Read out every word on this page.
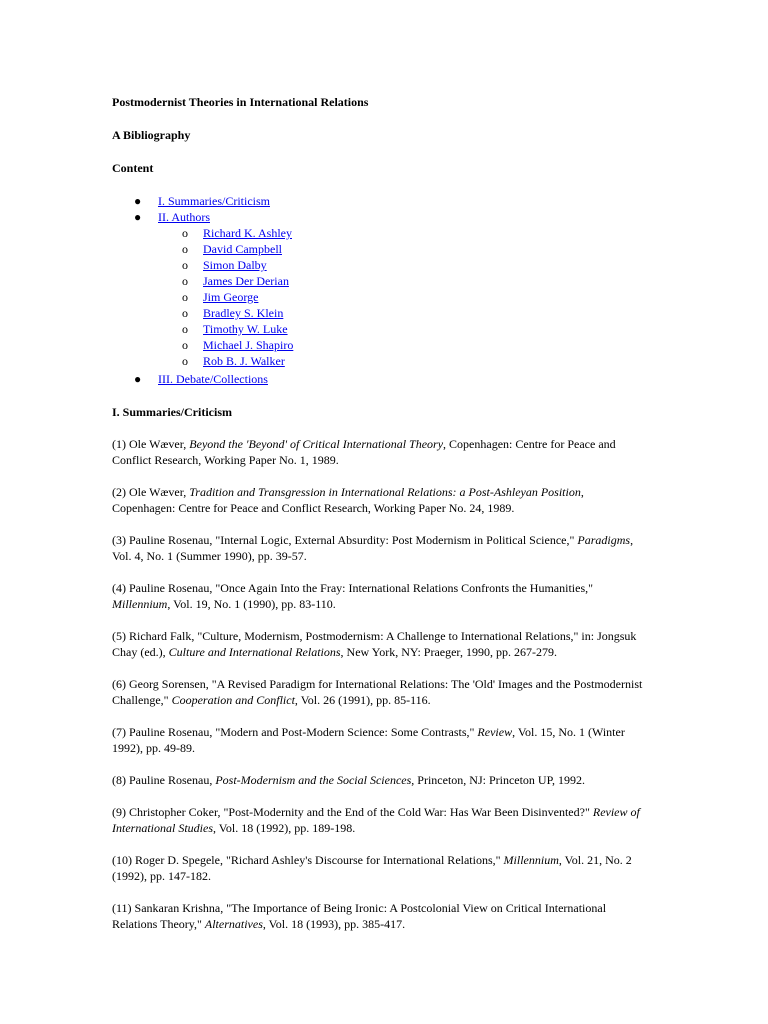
Postmodernist Theories in International Relations

A Bibliography

Content

● I. Summaries/Criticism
● II. Authors
o Richard K. Ashley
o David Campbell
o Simon Dalby
o James Der Derian
o Jim George
o Bradley S. Klein
o Timothy W. Luke
o Michael J. Shapiro
o Rob B. J. Walker
● III. Debate/Collections

I. Summaries/Criticism

(1) Ole Wæver, Beyond the 'Beyond' of Critical International Theory, Copenhagen: Centre for Peace and Conflict Research, Working Paper No. 1, 1989.

(2) Ole Wæver, Tradition and Transgression in International Relations: a Post-Ashleyan Position, Copenhagen: Centre for Peace and Conflict Research, Working Paper No. 24, 1989.

(3) Pauline Rosenau, "Internal Logic, External Absurdity: Post Modernism in Political Science," Paradigms, Vol. 4, No. 1 (Summer 1990), pp. 39-57.

(4) Pauline Rosenau, "Once Again Into the Fray: International Relations Confronts the Humanities," Millennium, Vol. 19, No. 1 (1990), pp. 83-110.

(5) Richard Falk, "Culture, Modernism, Postmodernism: A Challenge to International Relations," in: Jongsuk Chay (ed.), Culture and International Relations, New York, NY: Praeger, 1990, pp. 267-279.

(6) Georg Sorensen, "A Revised Paradigm for International Relations: The 'Old' Images and the Postmodernist Challenge," Cooperation and Conflict, Vol. 26 (1991), pp. 85-116.

(7) Pauline Rosenau, "Modern and Post-Modern Science: Some Contrasts," Review, Vol. 15, No. 1 (Winter 1992), pp. 49-89.

(8) Pauline Rosenau, Post-Modernism and the Social Sciences, Princeton, NJ: Princeton UP, 1992.

(9) Christopher Coker, "Post-Modernity and the End of the Cold War: Has War Been Disinvented?" Review of International Studies, Vol. 18 (1992), pp. 189-198.

(10) Roger D. Spegele, "Richard Ashley's Discourse for International Relations," Millennium, Vol. 21, No. 2 (1992), pp. 147-182.

(11) Sankaran Krishna, "The Importance of Being Ironic: A Postcolonial View on Critical International Relations Theory," Alternatives, Vol. 18 (1993), pp. 385-417.
